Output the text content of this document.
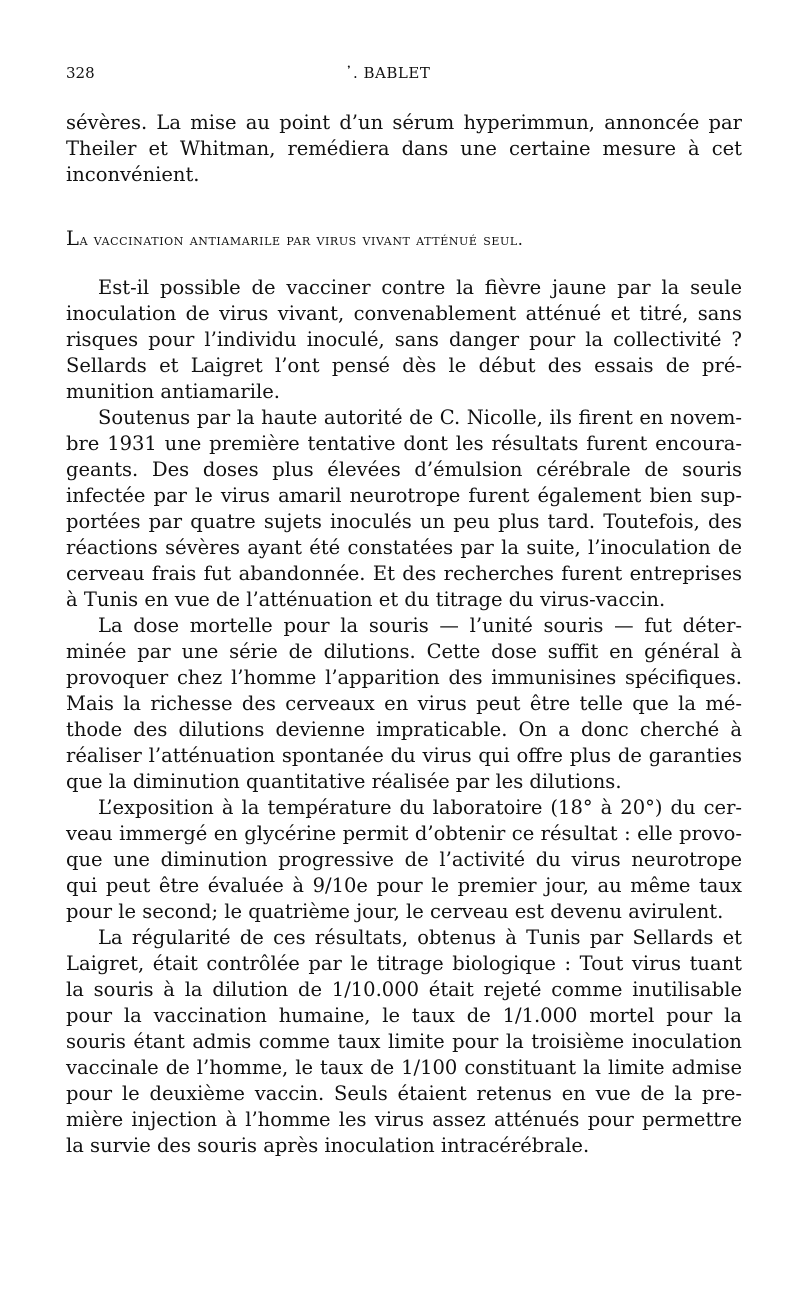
328	᾿. BABLET

sévères. La mise au point d’un sérum hyperimmun, annoncée par Theiler et Whitman, remédiera dans une certaine mesure à cet inconvénient.

La vaccination antiamarile par virus vivant atténué seul.

Est-il possible de vacciner contre la fièvre jaune par la seule inoculation de virus vivant, convenablement atténué et titré, sans risques pour l’individu inoculé, sans danger pour la collectivité ? Sellards et Laigret l’ont pensé dès le début des essais de prémunition antiamarile.

Soutenus par la haute autorité de C. Nicolle, ils firent en novembre 1931 une première tentative dont les résultats furent encourageants. Des doses plus élevées d’émulsion cérébrale de souris infectée par le virus amaril neurotrope furent également bien supportées par quatre sujets inoculés un peu plus tard. Toutefois, des réactions sévères ayant été constatées par la suite, l’inoculation de cerveau frais fut abandonnée. Et des recherches furent entreprises à Tunis en vue de l’atténuation et du titrage du virus-vaccin.

La dose mortelle pour la souris — l’unité souris — fut déterminée par une série de dilutions. Cette dose suffit en général à provoquer chez l’homme l’apparition des immunisines spécifiques. Mais la richesse des cerveaux en virus peut être telle que la méthode des dilutions devienne impraticable. On a donc cherché à réaliser l’atténuation spontanée du virus qui offre plus de garanties que la diminution quantitative réalisée par les dilutions.

L’exposition à la température du laboratoire (18° à 20°) du cerveau immergé en glycérine permit d’obtenir ce résultat : elle provoque une diminution progressive de l’activité du virus neurotrope qui peut être évaluée à 9/10e pour le premier jour, au même taux pour le second; le quatrième jour, le cerveau est devenu avirulent.

La régularité de ces résultats, obtenus à Tunis par Sellards et Laigret, était contrôlée par le titrage biologique : Tout virus tuant la souris à la dilution de 1/10.000 était rejeté comme inutilisable pour la vaccination humaine, le taux de 1/1.000 mortel pour la souris étant admis comme taux limite pour la troisième inoculation vaccinale de l’homme, le taux de 1/100 constituant la limite admise pour le deuxième vaccin. Seuls étaient retenus en vue de la première injection à l’homme les virus assez atténués pour permettre la survie des souris après inoculation intracérébrale.
